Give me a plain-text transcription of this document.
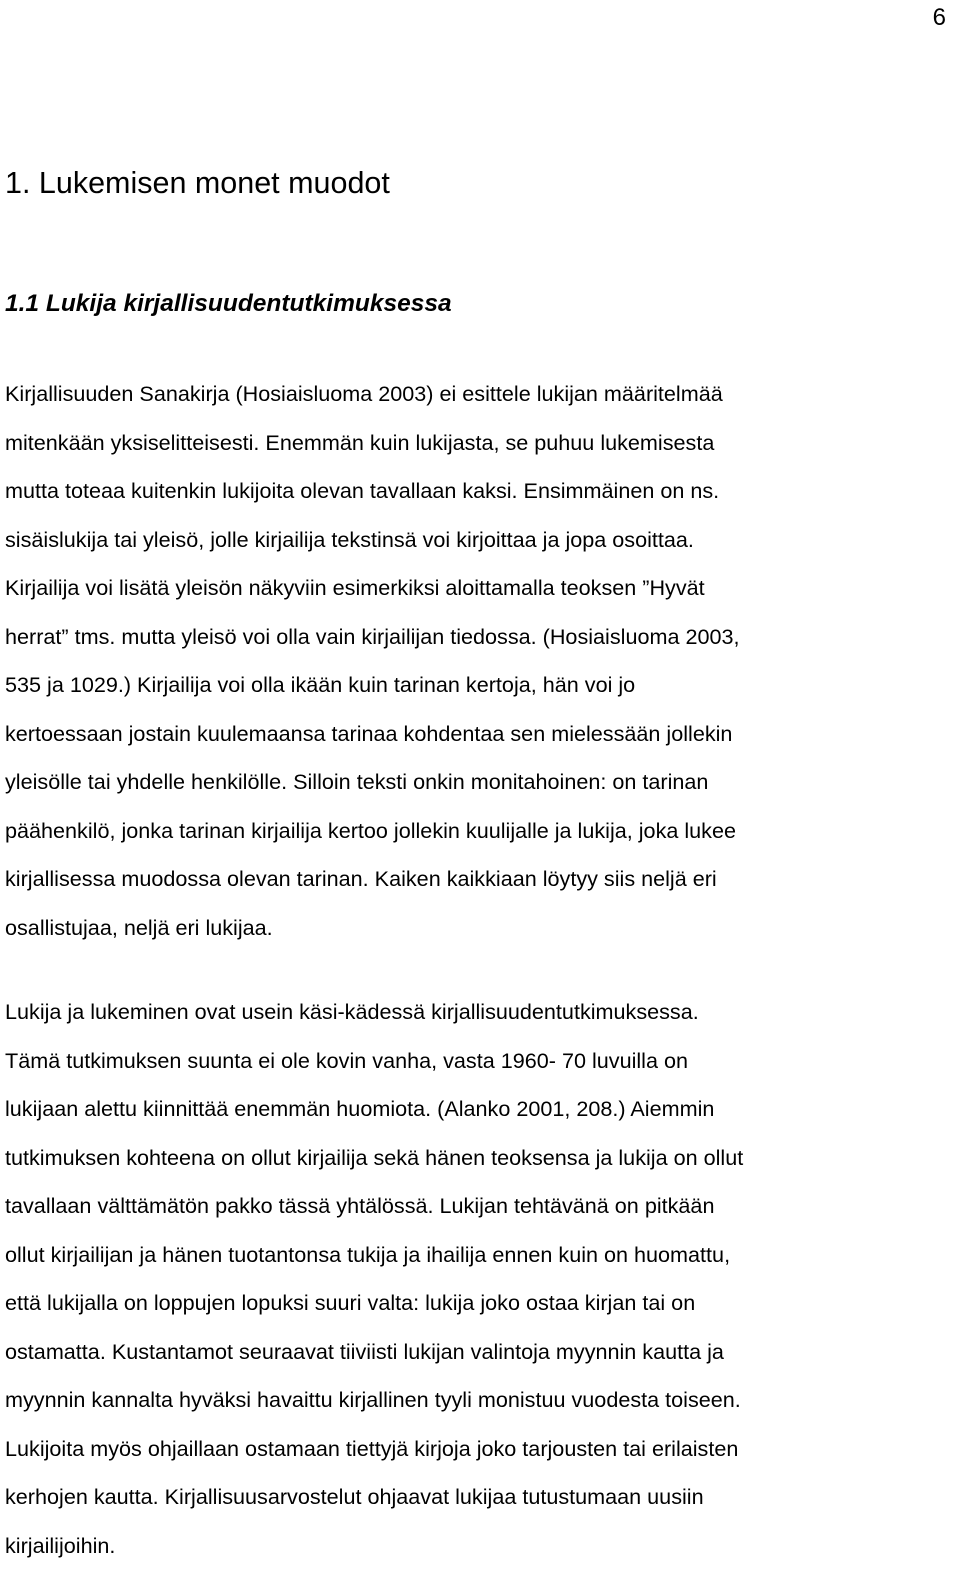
6
1. Lukemisen monet muodot
1.1 Lukija kirjallisuudentutkimuksessa
Kirjallisuuden Sanakirja (Hosiaisluoma 2003) ei esittele lukijan määritelmää
mitenkään yksiselitteisesti. Enemmän kuin lukijasta, se puhuu lukemisesta
mutta toteaa kuitenkin lukijoita olevan tavallaan kaksi. Ensimmäinen on ns.
sisäislukija tai yleisö, jolle kirjailija tekstinsä voi kirjoittaa ja jopa osoittaa.
Kirjailija voi lisätä yleisön näkyviin esimerkiksi aloittamalla teoksen ”Hyvät
herrat” tms. mutta yleisö voi olla vain kirjailijan tiedossa. (Hosiaisluoma 2003,
535 ja 1029.) Kirjailija voi olla ikään kuin tarinan kertoja, hän voi jo
kertoessaan jostain kuulemaansa tarinaa kohdentaa sen mielessään jollekin
yleisölle tai yhdelle henkilölle. Silloin teksti onkin monitahoinen: on tarinan
päähenkilö, jonka tarinan kirjailija kertoo jollekin kuulijalle ja lukija, joka lukee
kirjallisessa muodossa olevan tarinan. Kaiken kaikkiaan löytyy siis neljä eri
osallistujaa, neljä eri lukijaa.
Lukija ja lukeminen ovat usein käsi-kädessä kirjallisuudentutkimuksessa.
Tämä tutkimuksen suunta ei ole kovin vanha, vasta 1960- 70 luvuilla on
lukijaan alettu kiinnittää enemmän huomiota. (Alanko 2001, 208.) Aiemmin
tutkimuksen kohteena on ollut kirjailija sekä hänen teoksensa ja lukija on ollut
tavallaan välttämätön pakko tässä yhtälössä. Lukijan tehtävänä on pitkään
ollut kirjailijan ja hänen tuotantonsa tukija ja ihailija ennen kuin on huomattu,
että lukijalla on loppujen lopuksi suuri valta: lukija joko ostaa kirjan tai on
ostamatta. Kustantamot seuraavat tiiviisti lukijan valintoja myynnin kautta ja
myynnin kannalta hyväksi havaittu kirjallinen tyyli monistuu vuodesta toiseen.
Lukijoita myös ohjaillaan ostamaan tiettyjä kirjoja joko tarjousten tai erilaisten
kerhojen kautta. Kirjallisuusarvostelut ohjaavat lukijaa tutustumaan uusiin
kirjailijoihin.
